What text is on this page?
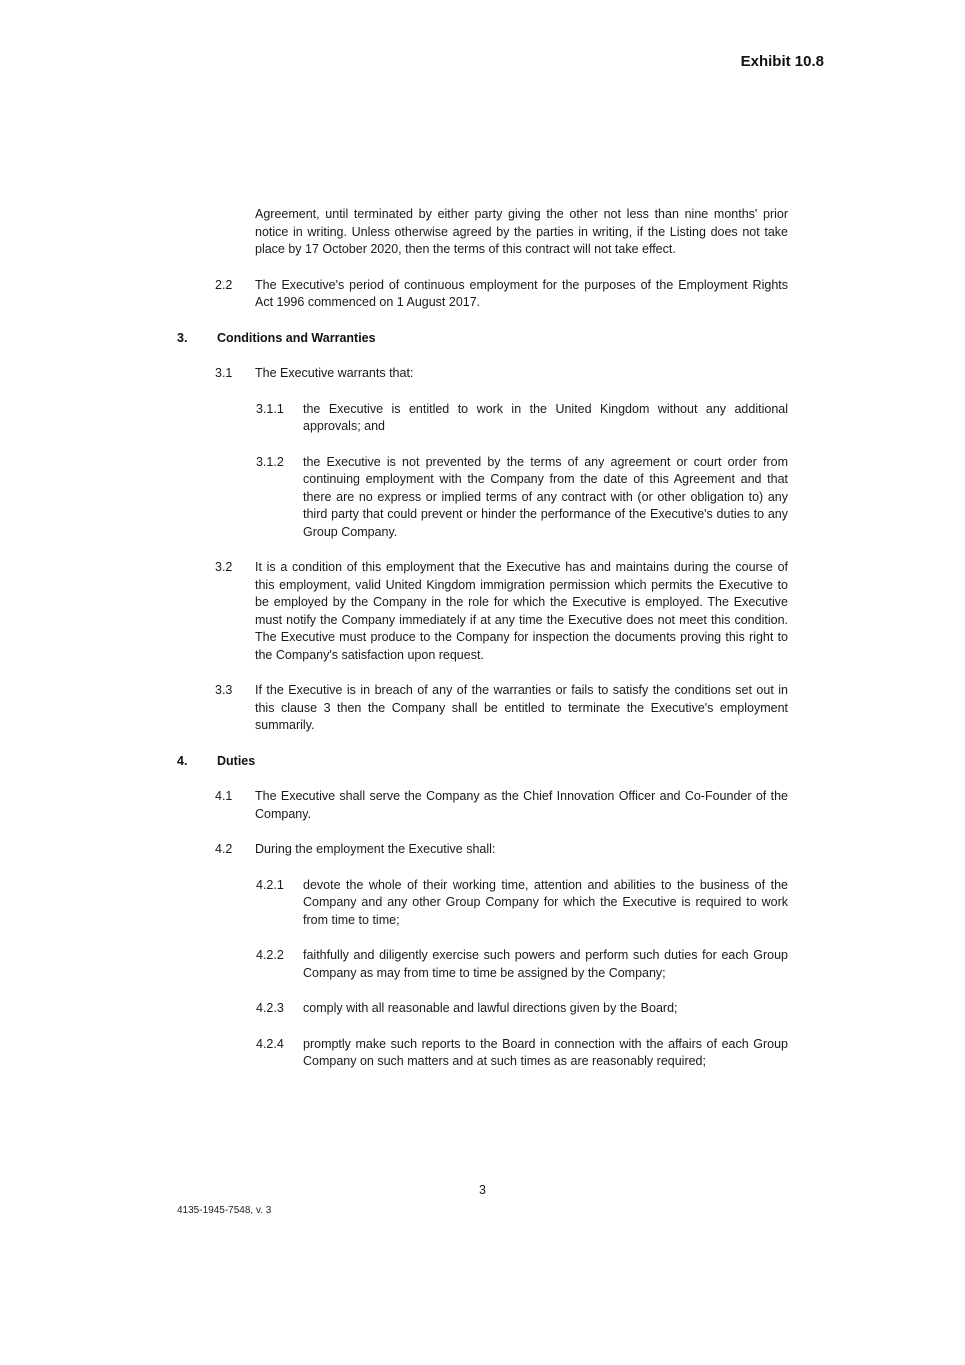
Exhibit 10.8
Agreement, until terminated by either party giving the other not less than nine months' prior notice in writing. Unless otherwise agreed by the parties in writing, if the Listing does not take place by 17 October 2020, then the terms of this contract will not take effect.
2.2	The Executive's period of continuous employment for the purposes of the Employment Rights Act 1996 commenced on 1 August 2017.
3.	Conditions and Warranties
3.1	The Executive warrants that:
3.1.1	the Executive is entitled to work in the United Kingdom without any additional approvals; and
3.1.2	the Executive is not prevented by the terms of any agreement or court order from continuing employment with the Company from the date of this Agreement and that there are no express or implied terms of any contract with (or other obligation to) any third party that could prevent or hinder the performance of the Executive's duties to any Group Company.
3.2	It is a condition of this employment that the Executive has and maintains during the course of this employment, valid United Kingdom immigration permission which permits the Executive to be employed by the Company in the role for which the Executive is employed. The Executive must notify the Company immediately if at any time the Executive does not meet this condition. The Executive must produce to the Company for inspection the documents proving this right to the Company's satisfaction upon request.
3.3	If the Executive is in breach of any of the warranties or fails to satisfy the conditions set out in this clause 3 then the Company shall be entitled to terminate the Executive's employment summarily.
4.	Duties
4.1	The Executive shall serve the Company as the Chief Innovation Officer and Co-Founder of the Company.
4.2	During the employment the Executive shall:
4.2.1	devote the whole of their working time, attention and abilities to the business of the Company and any other Group Company for which the Executive is required to work from time to time;
4.2.2	faithfully and diligently exercise such powers and perform such duties for each Group Company as may from time to time be assigned by the Company;
4.2.3	comply with all reasonable and lawful directions given by the Board;
4.2.4	promptly make such reports to the Board in connection with the affairs of each Group Company on such matters and at such times as are reasonably required;
3
4135-1945-7548, v. 3
